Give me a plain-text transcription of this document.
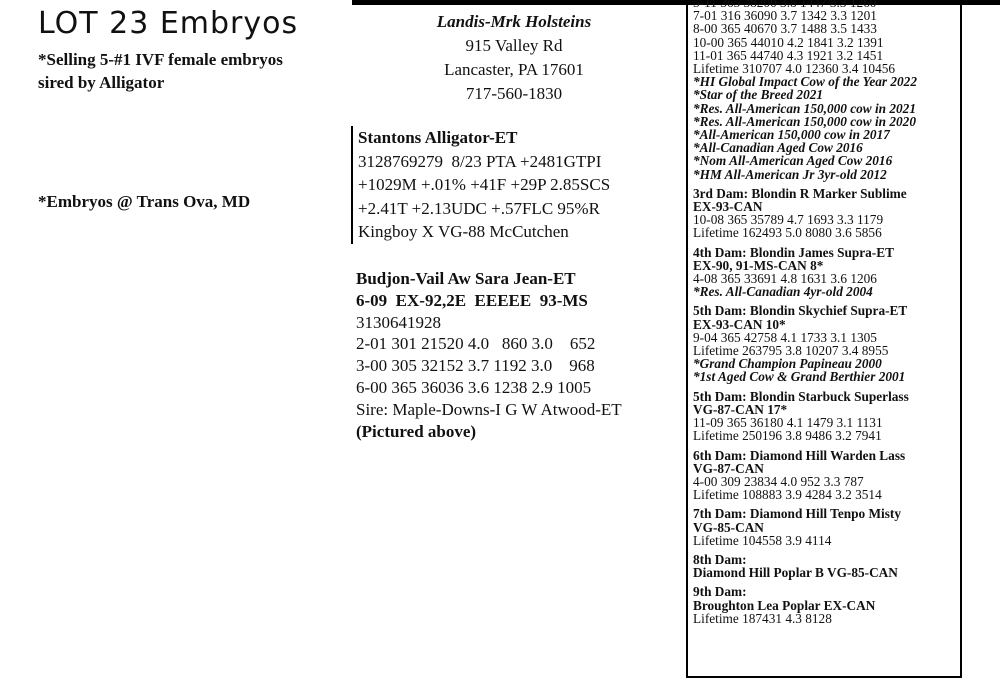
LOT 23 Embryos
*Selling 5-#1 IVF female embryos
sired by Alligator
*Embryos @ Trans Ova, MD
Landis-Mrk Holsteins
915 Valley Rd
Lancaster, PA 17601
717-560-1830
Stantons Alligator-ET
3128769279  8/23 PTA +2481GTPI
+1029M +.01% +41F +29P 2.85SCS
+2.41T +2.13UDC +.57FLC 95%R
Kingboy X VG-88 McCutchen
Budjon-Vail Aw Sara Jean-ET
6-09  EX-92,2E  EEEEE  93-MS
3130641928
2-01 301 21520 4.0   860 3.0    652
3-00 305 32152 3.7 1192 3.0    968
6-00 365 36036 3.6 1238 2.9 1005
Sire: Maple-Downs-I G W Atwood-ET
(Pictured above)
5-11 365 38200 3.8 1447 3.3 1260
7-01 316 36090 3.7 1342 3.3 1201
8-00 365 40670 3.7 1488 3.5 1433
10-00 365 44010 4.2 1841 3.2 1391
11-01 365 44740 4.3 1921 3.2 1451
Lifetime 310707 4.0 12360 3.4 10456
*HI Global Impact Cow of the Year 2022
*Star of the Breed 2021
*Res. All-American 150,000 cow in 2021
*Res. All-American 150,000 cow in 2020
*All-American 150,000 cow in 2017
*All-Canadian Aged Cow 2016
*Nom All-American Aged Cow 2016
*HM All-American Jr 3yr-old 2012
3rd Dam: Blondin R Marker Sublime
EX-93-CAN
10-08 365 35789 4.7 1693 3.3 1179
Lifetime 162493 5.0 8080 3.6 5856
4th Dam: Blondin James Supra-ET
EX-90, 91-MS-CAN 8*
4-08 365 33691 4.8 1631 3.6 1206
*Res. All-Canadian 4yr-old 2004
5th Dam: Blondin Skychief Supra-ET
EX-93-CAN 10*
9-04 365 42758 4.1 1733 3.1 1305
Lifetime 263795 3.8 10207 3.4 8955
*Grand Champion Papineau 2000
*1st Aged Cow & Grand Berthier 2001
5th Dam: Blondin Starbuck Superlass
VG-87-CAN 17*
11-09 365 36180 4.1 1479 3.1 1131
Lifetime 250196 3.8 9486 3.2 7941
6th Dam: Diamond Hill Warden Lass
VG-87-CAN
4-00 309 23834 4.0 952 3.3 787
Lifetime 108883 3.9 4284 3.2 3514
7th Dam: Diamond Hill Tenpo Misty
VG-85-CAN
Lifetime 104558 3.9 4114
8th Dam:
Diamond Hill Poplar B VG-85-CAN
9th Dam:
Broughton Lea Poplar EX-CAN
Lifetime 187431 4.3 8128
